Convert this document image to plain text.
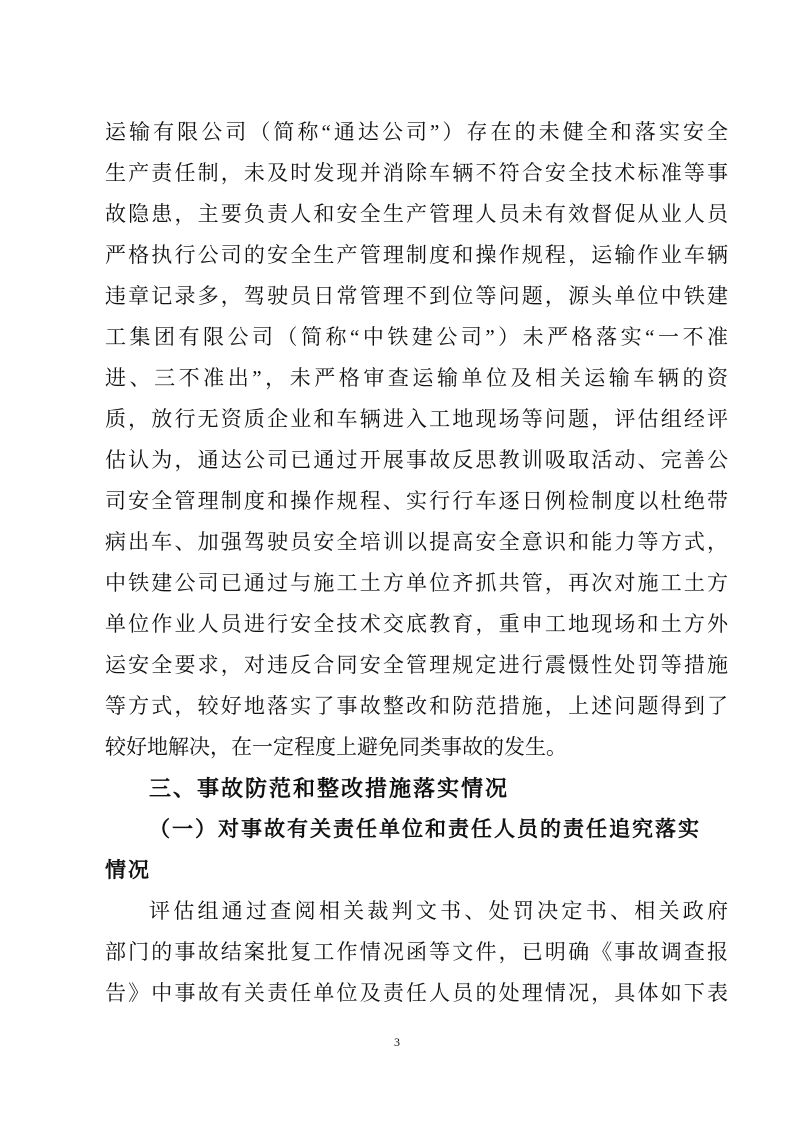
运输有限公司（简称“通达公司”）存在的未健全和落实安全
生产责任制，未及时发现并消除车辆不符合安全技术标准等事
故隐患，主要负责人和安全生产管理人员未有效督促从业人员
严格执行公司的安全生产管理制度和操作规程，运输作业车辆
违章记录多，驾驶员日常管理不到位等问题，源头单位中铁建
工集团有限公司（简称“中铁建公司”）未严格落实“一不准
进、三不准出”，未严格审查运输单位及相关运输车辆的资
质，放行无资质企业和车辆进入工地现场等问题，评估组经评
估认为，通达公司已通过开展事故反思教训吸取活动、完善公
司安全管理制度和操作规程、实行行车逐日例检制度以杜绝带
病出车、加强驾驶员安全培训以提高安全意识和能力等方式，
中铁建公司已通过与施工土方单位齐抓共管，再次对施工土方
单位作业人员进行安全技术交底教育，重申工地现场和土方外
运安全要求，对违反合同安全管理规定进行震慑性处罚等措施
等方式，较好地落实了事故整改和防范措施，上述问题得到了
较好地解决，在一定程度上避免同类事故的发生。
三、事故防范和整改措施落实情况
（一）对事故有关责任单位和责任人员的责任追究落实
情况
评估组通过查阅相关裁判文书、处罚决定书、相关政府
部门的事故结案批复工作情况函等文件，已明确《事故调查报
告》中事故有关责任单位及责任人员的处理情况，具体如下表
3
